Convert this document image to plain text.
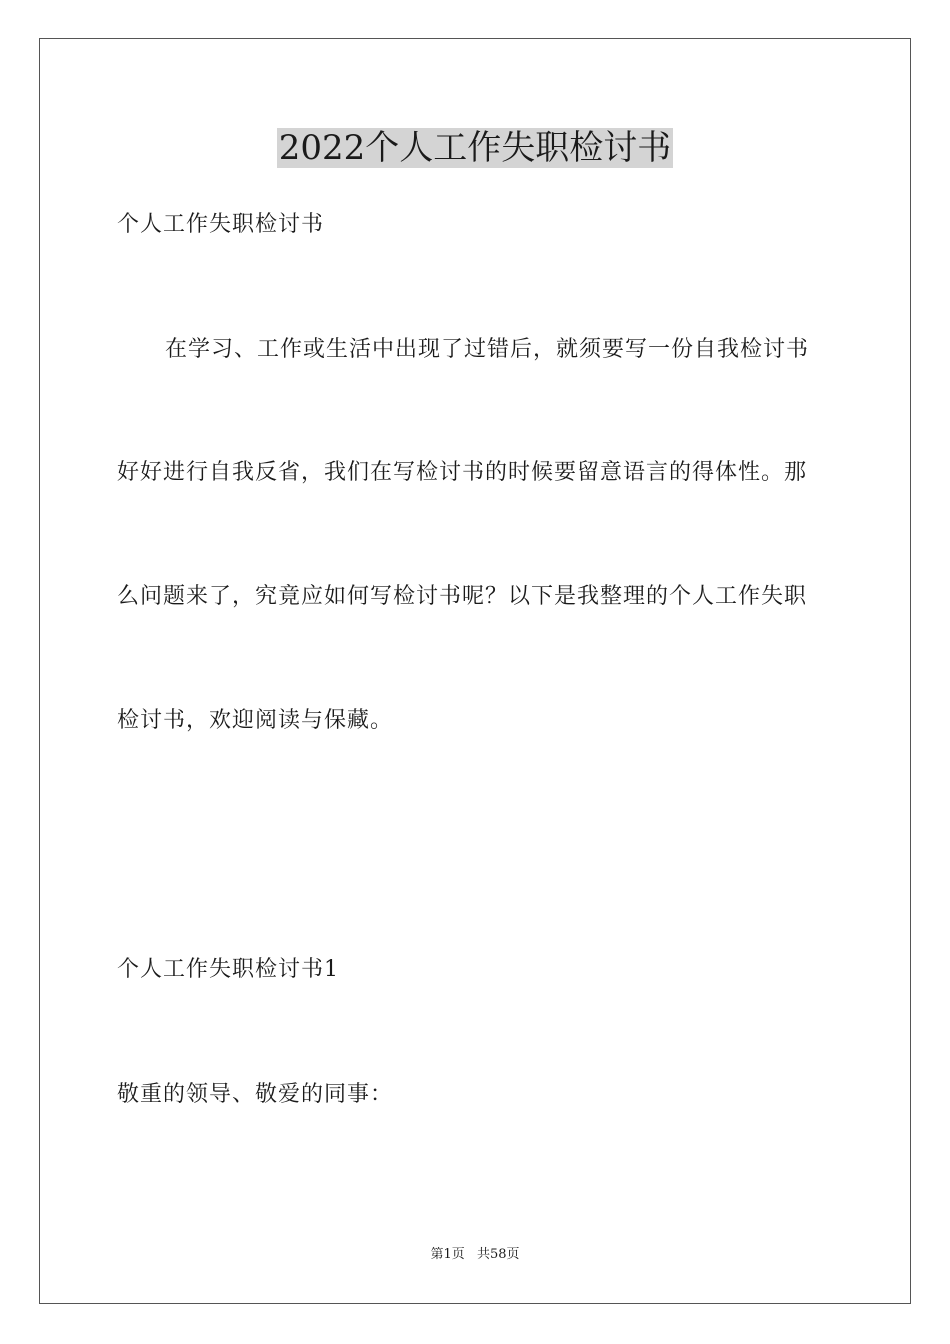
2022个人工作失职检讨书
个人工作失职检讨书
在学习、工作或生活中出现了过错后，就须要写一份自我检讨书
好好进行自我反省，我们在写检讨书的时候要留意语言的得体性。那
么问题来了，究竟应如何写检讨书呢？以下是我整理的个人工作失职
检讨书，欢迎阅读与保藏。
个人工作失职检讨书1
敬重的领导、敬爱的同事：
第1页 共58页
